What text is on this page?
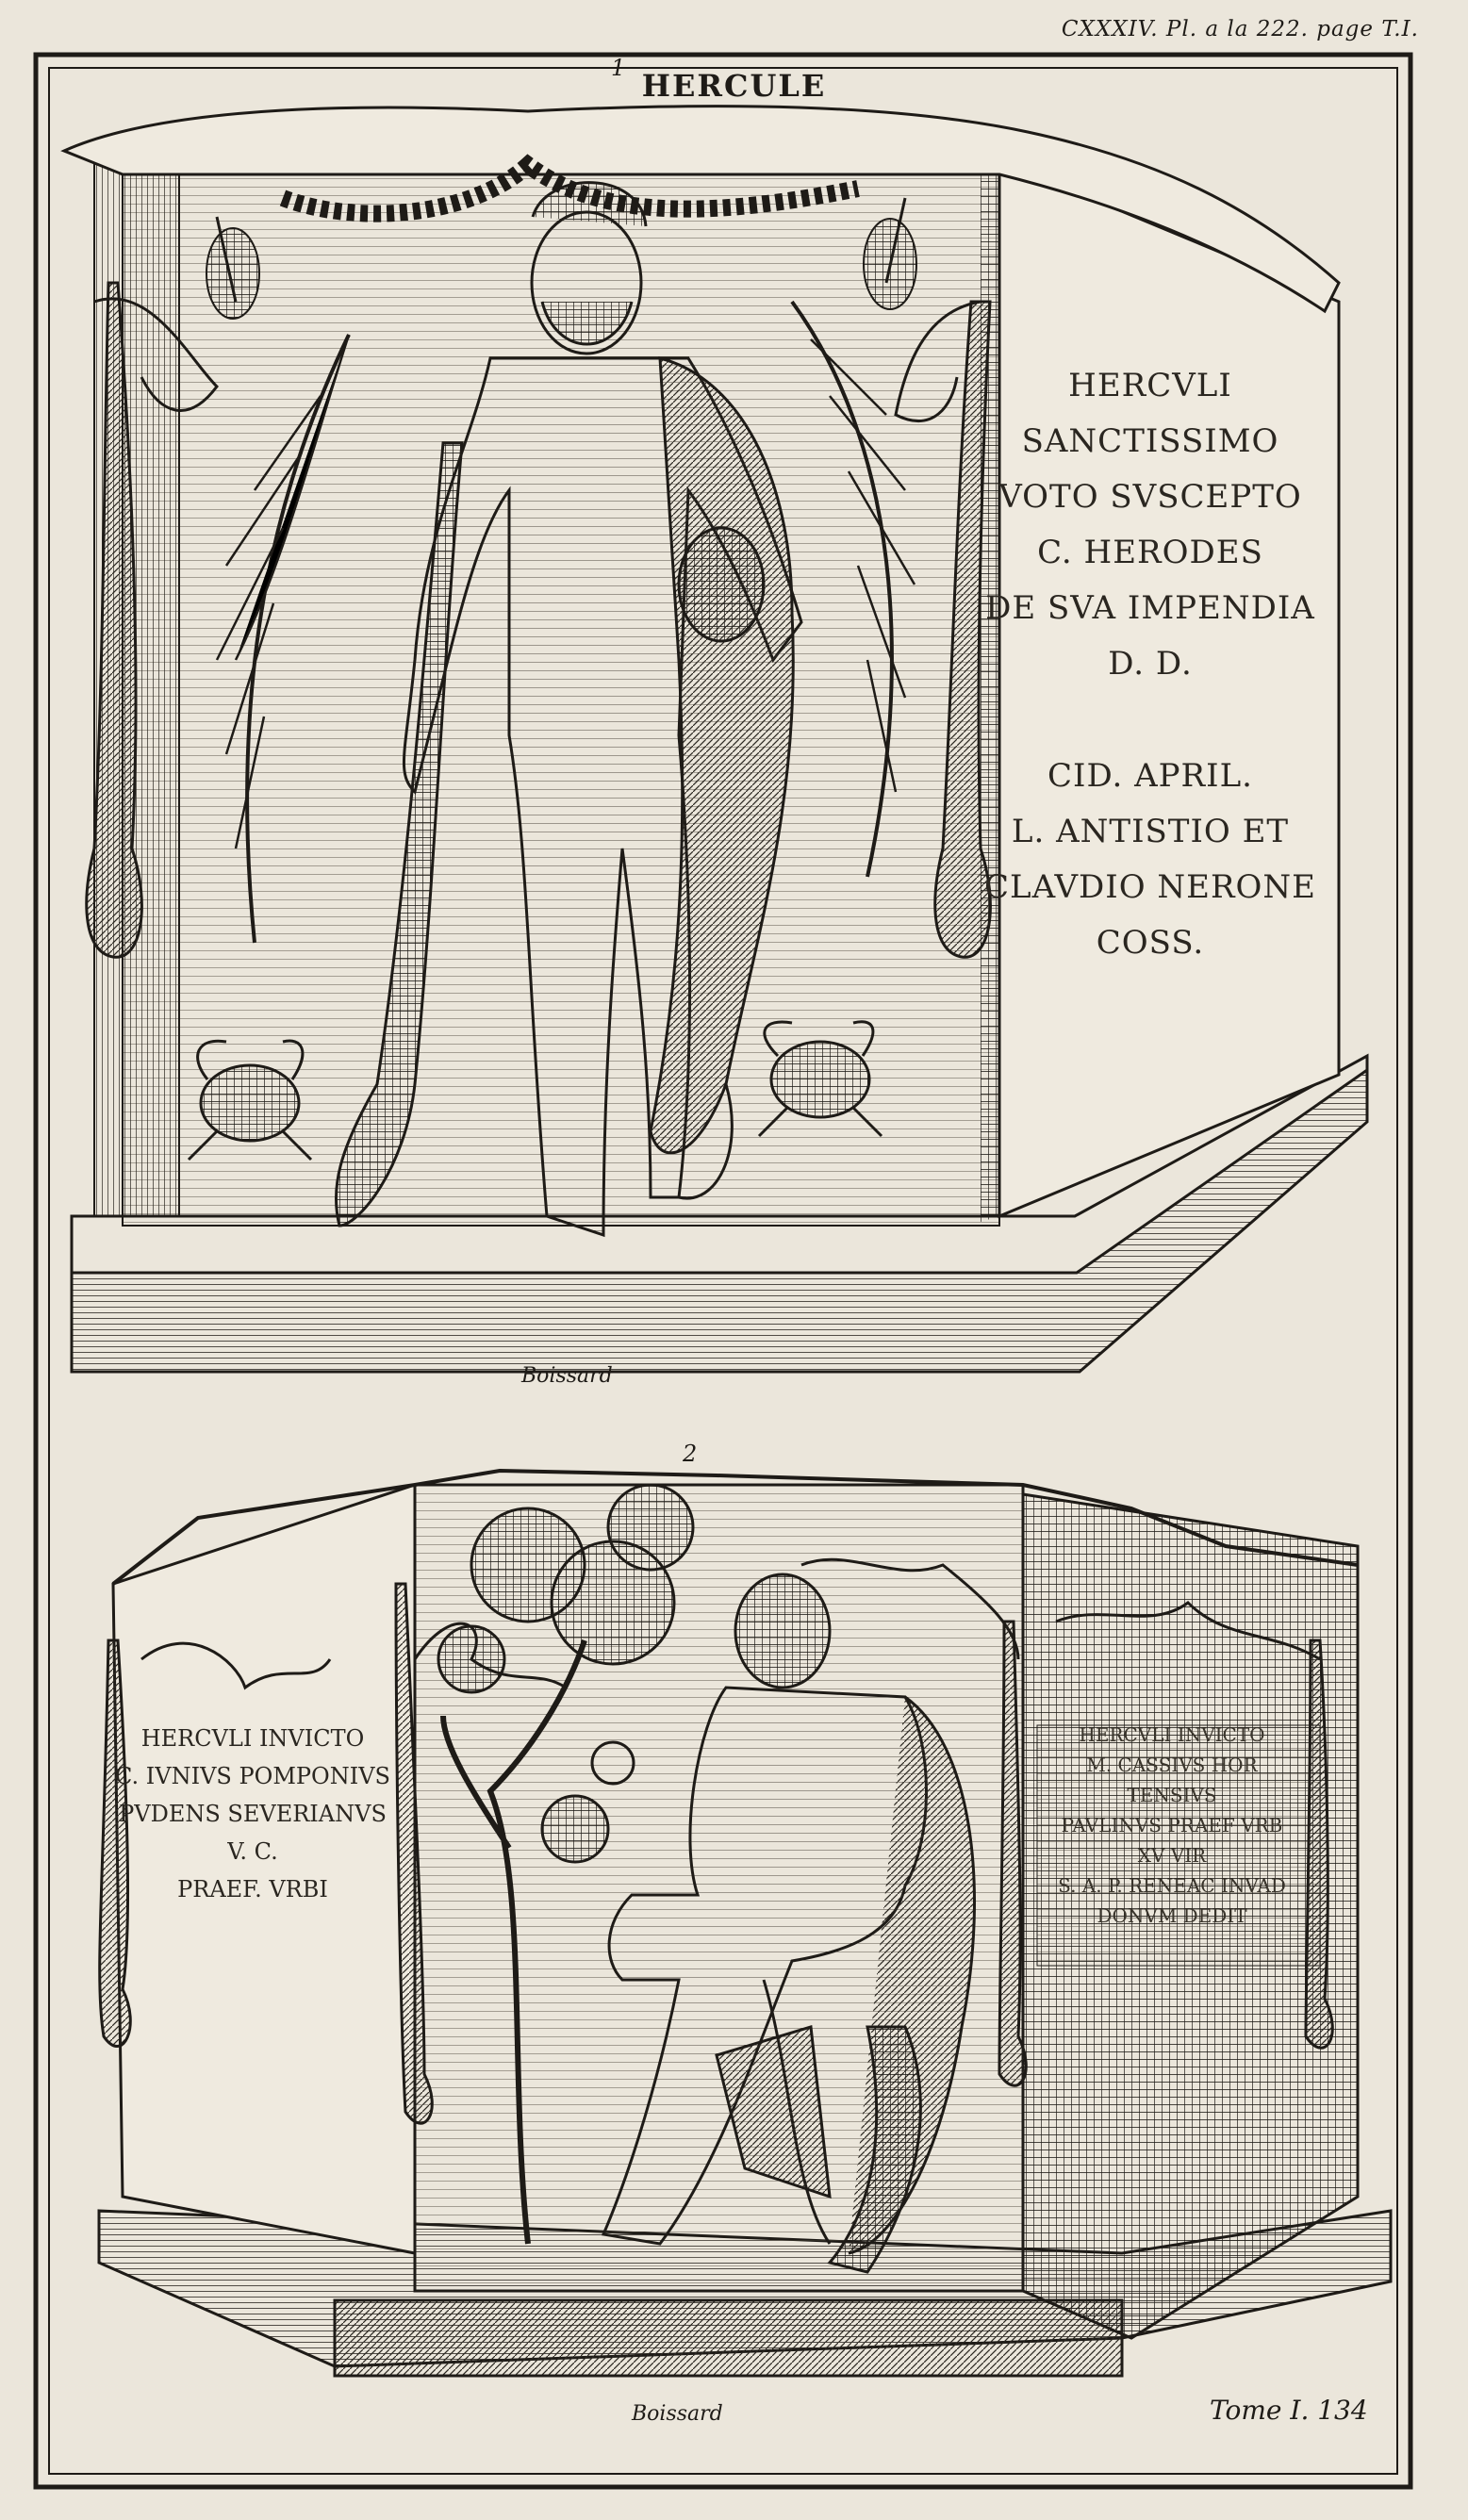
CXXXIV. Pl. a la 222. page T.I.
1 HERCULE
HERCVLI
SANCTISSIMO
VOTO SVSCEPTO
C. HERODES
DE SVA IMPENDIA
D. D.
CID. APRIL.
L. ANTISTIO ET
CLAVDIO NERONE
COSS.
Boissard
2
HERCVLI INVICTO
C. IVNIVS POMPONIVS
PVDENS SEVERIANVS
V. C.
PRAEF. VRBI
HERCVLI INVICTO
M. CASSIVS HOR
TENSIVS
PAVLINVS PRAEF VRB
XV VIR
S. A. P. RENEAC INVAD
DONVM DEDIT
Boissard	Tome I. 134
